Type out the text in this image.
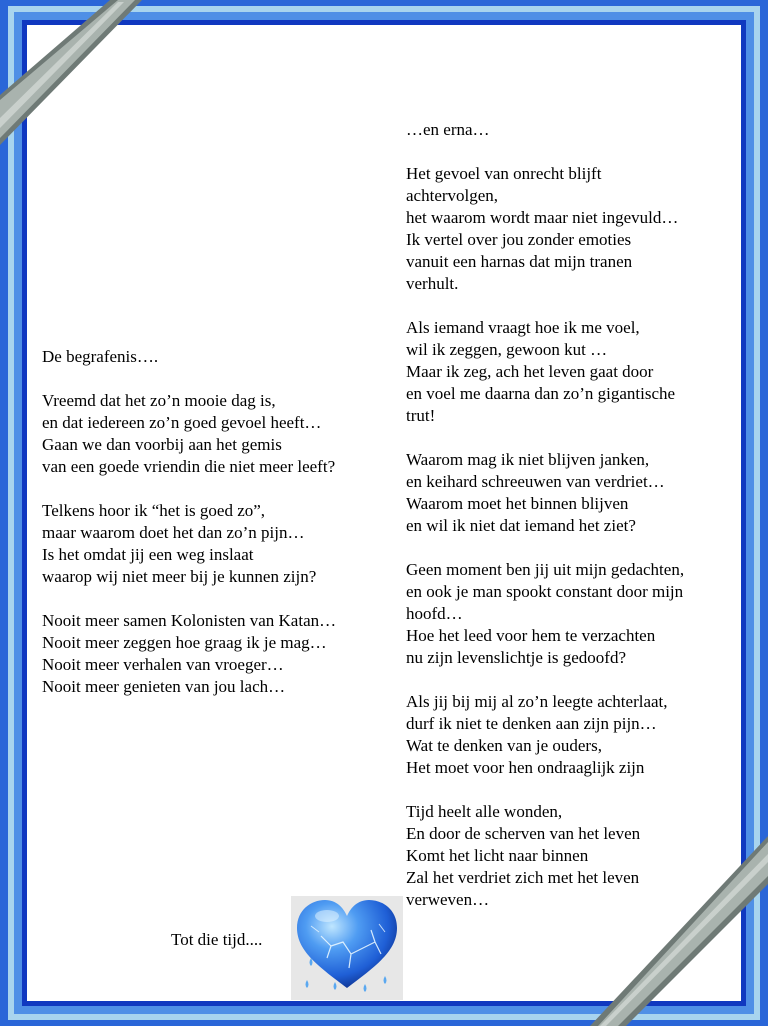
De begrafenis….

Vreemd dat het zo’n mooie dag is,
en dat iedereen zo’n goed gevoel heeft…
Gaan we dan voorbij aan het gemis
van een goede vriendin die niet meer leeft?

Telkens hoor ik “het is goed zo”,
maar waarom doet het dan zo’n pijn…
Is het omdat jij een weg inslaat
waarop wij niet meer bij je kunnen zijn?

Nooit meer samen Kolonisten van Katan…
Nooit meer zeggen hoe graag ik je mag…
Nooit meer verhalen van vroeger…
Nooit meer genieten van jou lach…
…en erna…

Het gevoel van onrecht blijft
achtervolgen,
het waarom wordt maar niet ingevuld…
Ik vertel over jou zonder emoties
vanuit een harnas dat mijn tranen
verhult.

Als iemand vraagt hoe ik me voel,
wil ik zeggen, gewoon kut …
Maar ik zeg, ach het leven gaat door
en voel me daarna dan zo’n gigantische
trut!

Waarom mag ik niet blijven janken,
en keihard schreeuwen van verdriet…
Waarom moet het binnen blijven
en wil ik niet dat iemand het ziet?

Geen moment ben jij uit mijn gedachten,
en ook je man spookt constant door mijn
hoofd…
Hoe het leed voor hem te verzachten
nu zijn levenslichtje is gedoofd?

Als jij bij mij al zo’n leegte achterlaat,
durf ik niet te denken aan zijn pijn…
Wat te denken van je ouders,
Het moet voor hen ondraaglijk zijn

Tijd heelt alle wonden,
En door de scherven van het leven
Komt het licht naar binnen
Zal het verdriet zich met het leven
verweven…
Tot die tijd....
